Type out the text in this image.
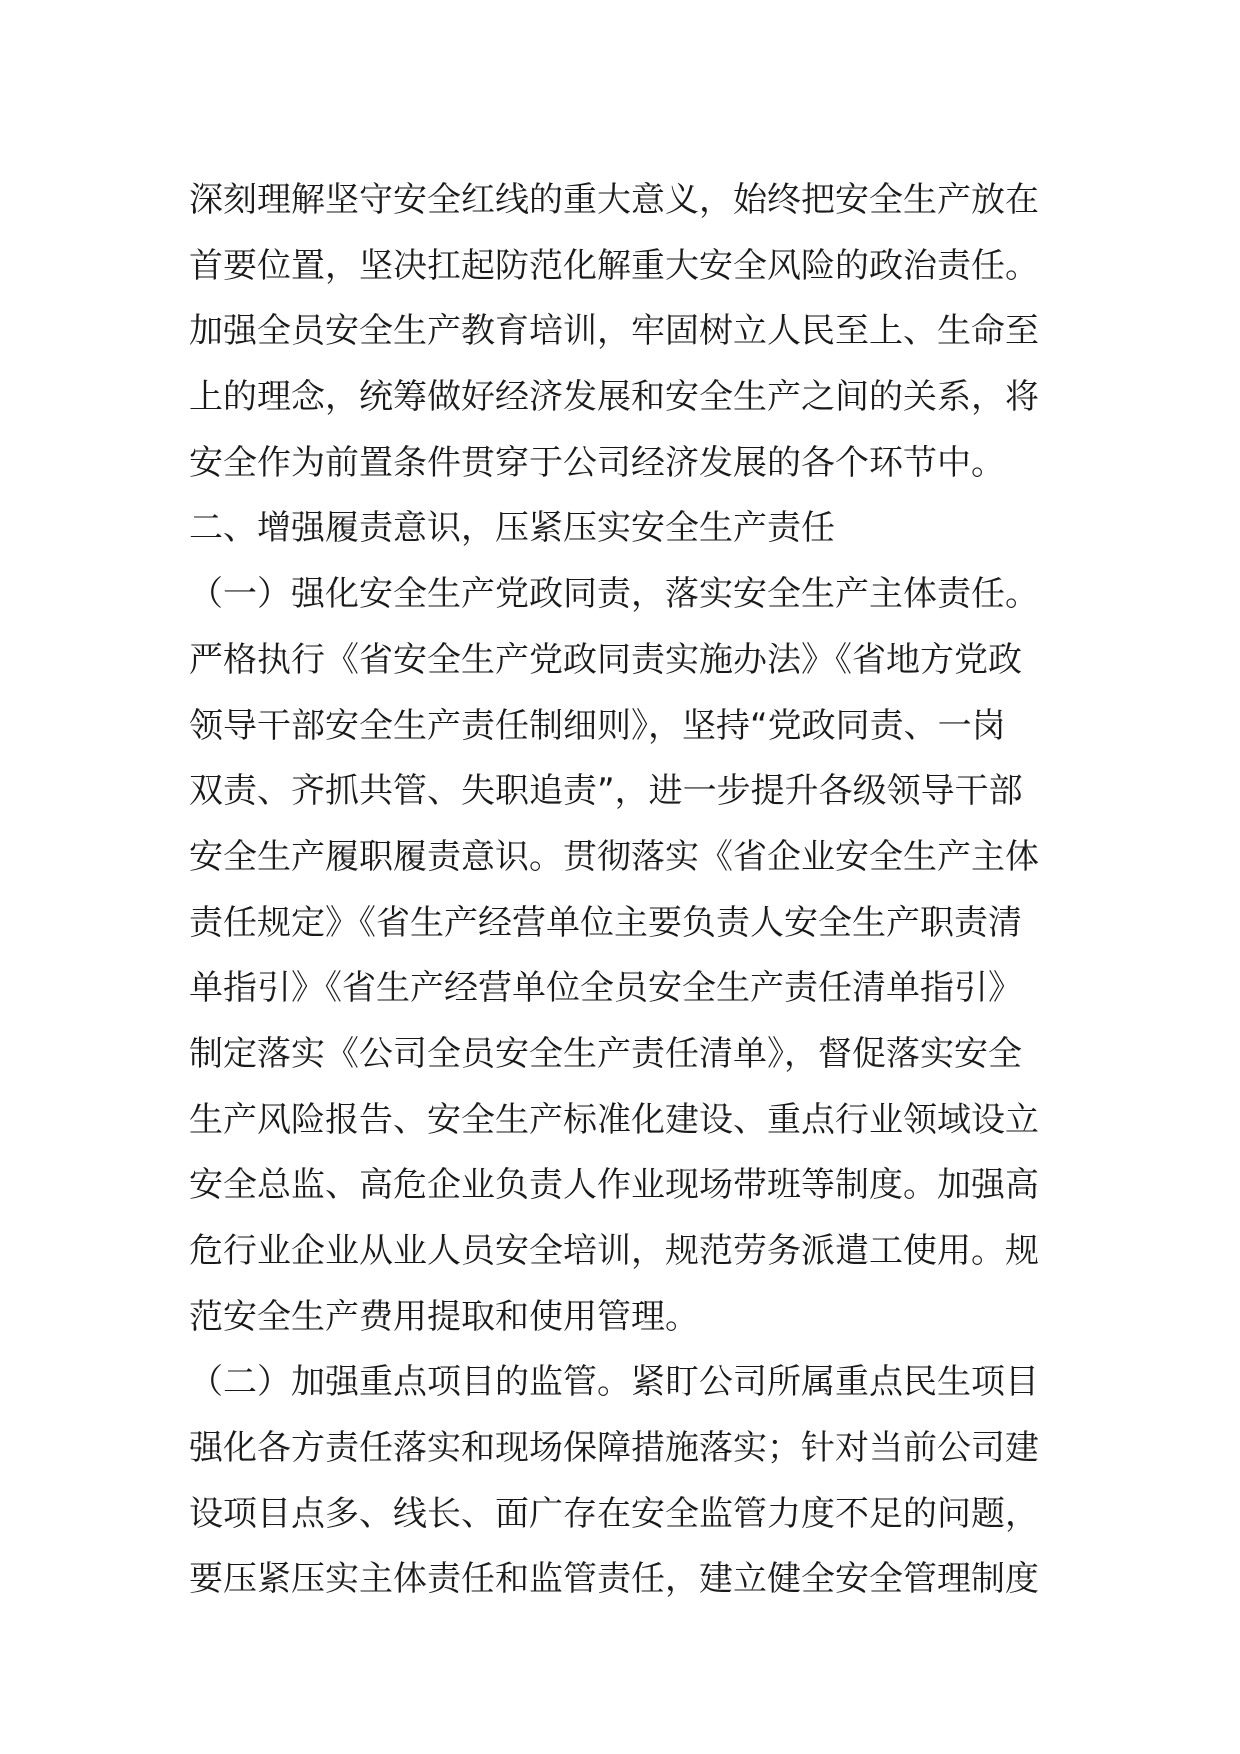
深刻理解坚守安全红线的重大意义，始终把安全生产放在
首要位置，坚决扛起防范化解重大安全风险的政治责任。
加强全员安全生产教育培训，牢固树立人民至上、生命至
上的理念，统筹做好经济发展和安全生产之间的关系，将
安全作为前置条件贯穿于公司经济发展的各个环节中。
二、增强履责意识，压紧压实安全生产责任
（一）强化安全生产党政同责，落实安全生产主体责任。
严格执行《省安全生产党政同责实施办法》《省地方党政
领导干部安全生产责任制细则》，坚持“党政同责、一岗
双责、齐抓共管、失职追责”，进一步提升各级领导干部
安全生产履职履责意识。贯彻落实《省企业安全生产主体
责任规定》《省生产经营单位主要负责人安全生产职责清
单指引》《省生产经营单位全员安全生产责任清单指引》
制定落实《公司全员安全生产责任清单》，督促落实安全
生产风险报告、安全生产标准化建设、重点行业领域设立
安全总监、高危企业负责人作业现场带班等制度。加强高
危行业企业从业人员安全培训，规范劳务派遣工使用。规
范安全生产费用提取和使用管理。
（二）加强重点项目的监管。紧盯公司所属重点民生项目
强化各方责任落实和现场保障措施落实；针对当前公司建
设项目点多、线长、面广存在安全监管力度不足的问题，
要压紧压实主体责任和监管责任，建立健全安全管理制度
